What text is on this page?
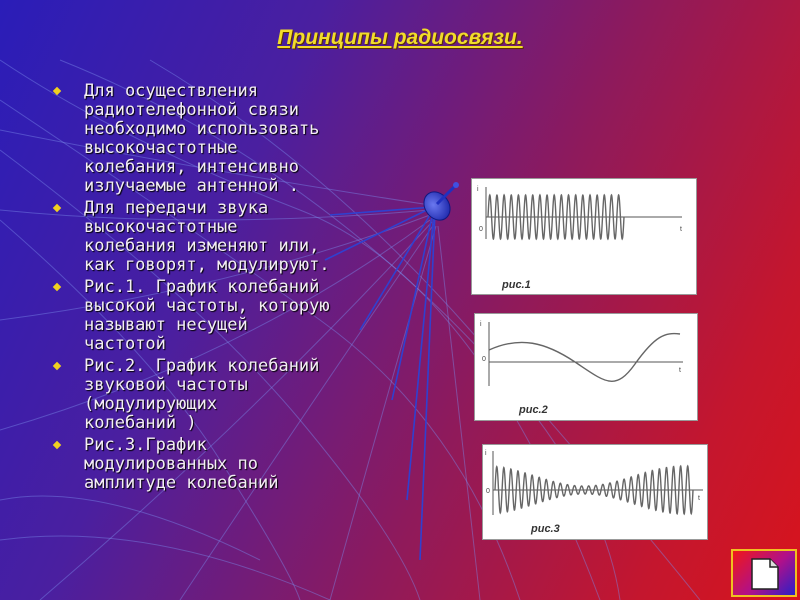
Принципы радиосвязи.
Для осуществления
радиотелефонной связи
необходимо использовать
высокочастотные
колебания, интенсивно
излучаемые антенной .
Для передачи звука
высокочастотные
колебания изменяют или,
как говорят, модулируют.
Рис.1. График колебаний
высокой частоты, которую
называют несущей
частотой
Рис.2. График колебаний
звуковой частоты
(модулирующих
колебаний )
Рис.3.График
модулированных по
амплитуде колебаний
i
t
0
рис.1
i
t
0
рис.2
i
t
0
рис.3
